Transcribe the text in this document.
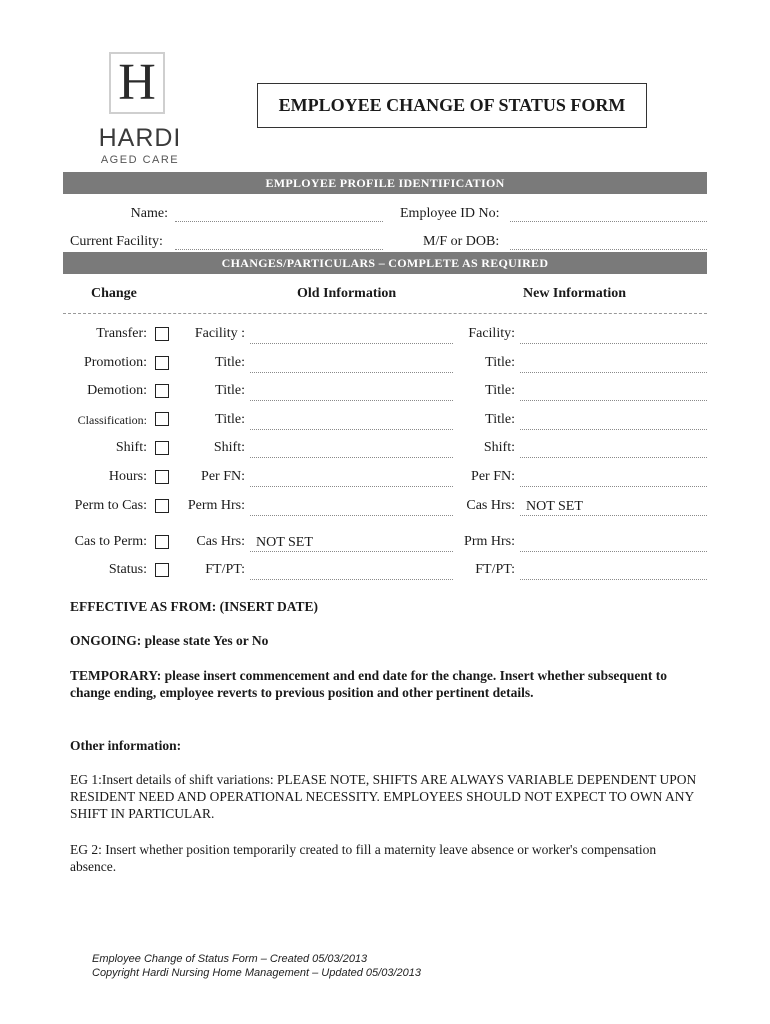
H
HARDI
AGED CARE
EMPLOYEE CHANGE OF STATUS FORM
EMPLOYEE PROFILE IDENTIFICATION
Name:	Employee ID No:
Current Facility:	M/F or DOB:
CHANGES/PARTICULARS – COMPLETE AS REQUIRED
Change	Old Information	New Information
Transfer:	Facility :	Facility:
Promotion:	Title:	Title:
Demotion:	Title:	Title:
Classification:	Title:	Title:
Shift:	Shift:	Shift:
Hours:	Per FN:	Per FN:
Perm to Cas:	Perm Hrs:	Cas Hrs: NOT SET
Cas to Perm:	Cas Hrs: NOT SET	Prm Hrs:
Status:	FT/PT:	FT/PT:
EFFECTIVE AS FROM: (INSERT DATE)
ONGOING: please state Yes or No
TEMPORARY: please insert commencement and end date for the change. Insert whether subsequent to change ending, employee reverts to previous position and other pertinent details.
Other information:
EG 1:Insert details of shift variations: PLEASE NOTE, SHIFTS ARE ALWAYS VARIABLE DEPENDENT UPON RESIDENT NEED AND OPERATIONAL NECESSITY. EMPLOYEES SHOULD NOT EXPECT TO OWN ANY SHIFT IN PARTICULAR.
EG 2: Insert whether position temporarily created to fill a maternity leave absence or worker's compensation absence.
Employee Change of Status Form – Created 05/03/2013
Copyright Hardi Nursing Home Management – Updated 05/03/2013
